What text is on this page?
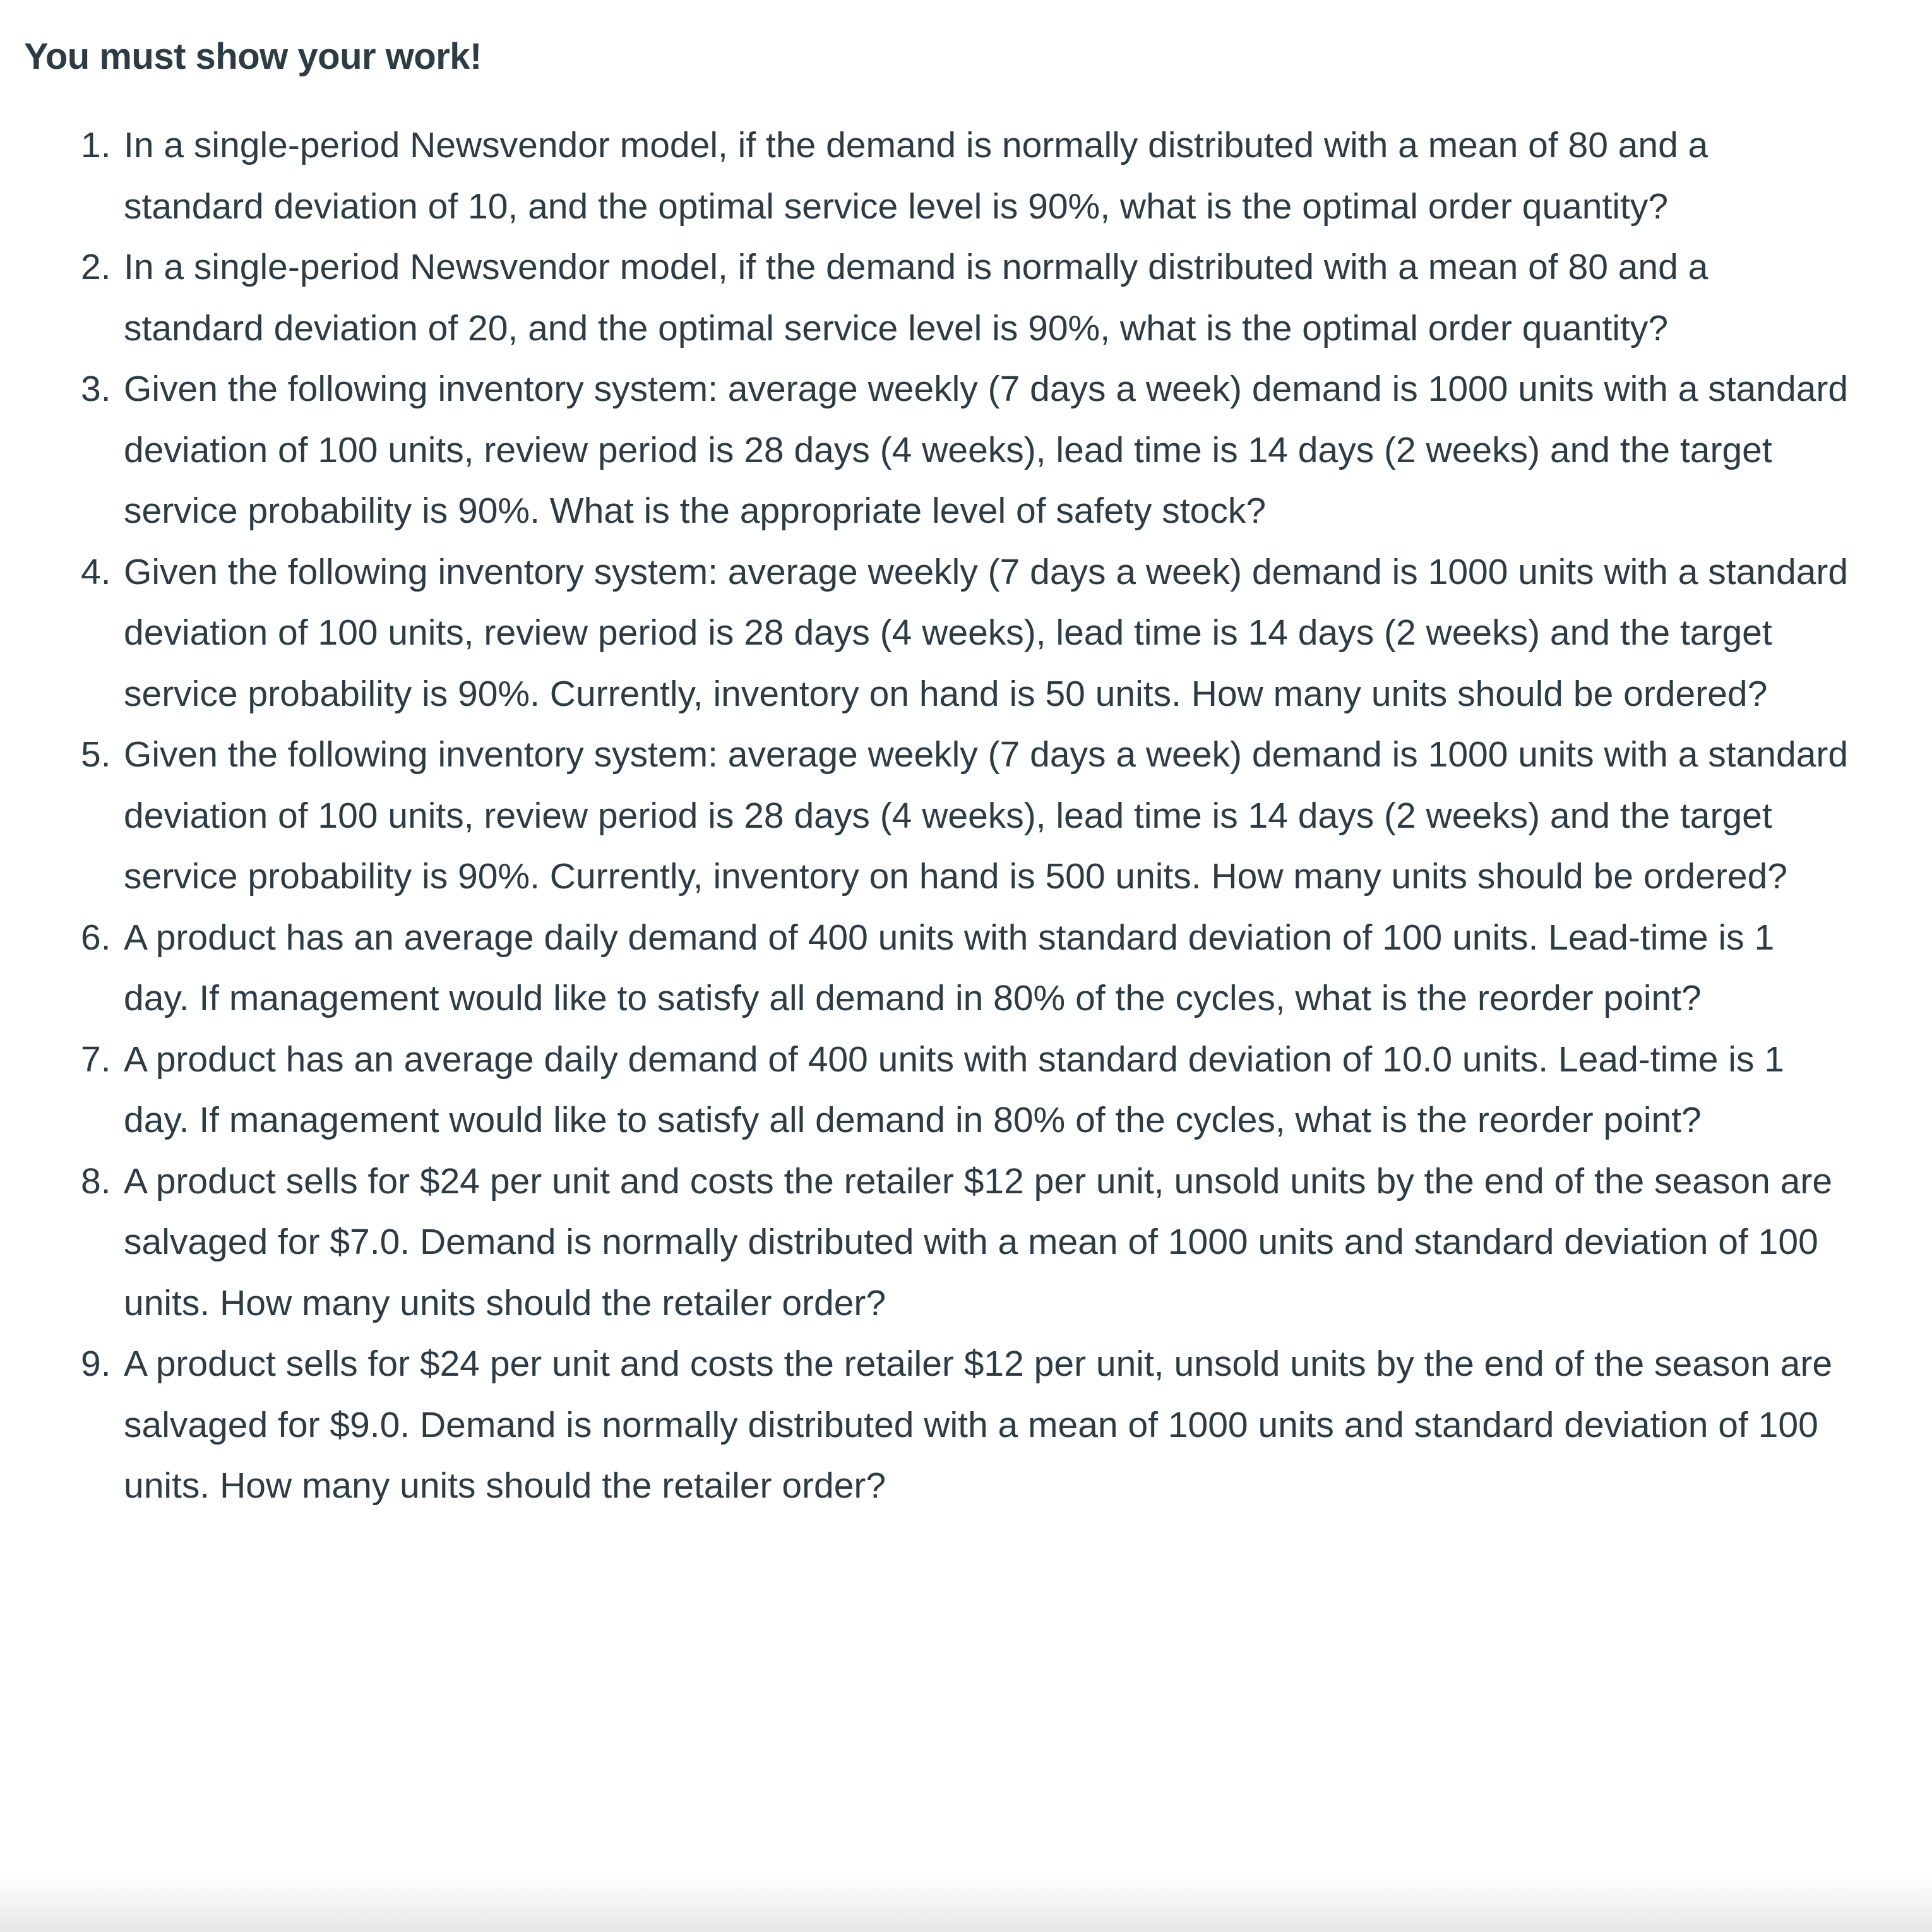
You must show your work!
1. In a single-period Newsvendor model, if the demand is normally distributed with a mean of 80 and a standard deviation of 10, and the optimal service level is 90%, what is the optimal order quantity?
2. In a single-period Newsvendor model, if the demand is normally distributed with a mean of 80 and a standard deviation of 20, and the optimal service level is 90%, what is the optimal order quantity?
3. Given the following inventory system: average weekly (7 days a week) demand is 1000 units with a standard deviation of 100 units, review period is 28 days (4 weeks), lead time is 14 days (2 weeks) and the target service probability is 90%. What is the appropriate level of safety stock?
4. Given the following inventory system: average weekly (7 days a week) demand is 1000 units with a standard deviation of 100 units, review period is 28 days (4 weeks), lead time is 14 days (2 weeks) and the target service probability is 90%. Currently, inventory on hand is 50 units. How many units should be ordered?
5. Given the following inventory system: average weekly (7 days a week) demand is 1000 units with a standard deviation of 100 units, review period is 28 days (4 weeks), lead time is 14 days (2 weeks) and the target service probability is 90%. Currently, inventory on hand is 500 units. How many units should be ordered?
6. A product has an average daily demand of 400 units with standard deviation of 100 units. Lead-time is 1 day. If management would like to satisfy all demand in 80% of the cycles, what is the reorder point?
7. A product has an average daily demand of 400 units with standard deviation of 10.0 units. Lead-time is 1 day. If management would like to satisfy all demand in 80% of the cycles, what is the reorder point?
8. A product sells for $24 per unit and costs the retailer $12 per unit, unsold units by the end of the season are salvaged for $7.0. Demand is normally distributed with a mean of 1000 units and standard deviation of 100 units. How many units should the retailer order?
9. A product sells for $24 per unit and costs the retailer $12 per unit, unsold units by the end of the season are salvaged for $9.0. Demand is normally distributed with a mean of 1000 units and standard deviation of 100 units. How many units should the retailer order?
